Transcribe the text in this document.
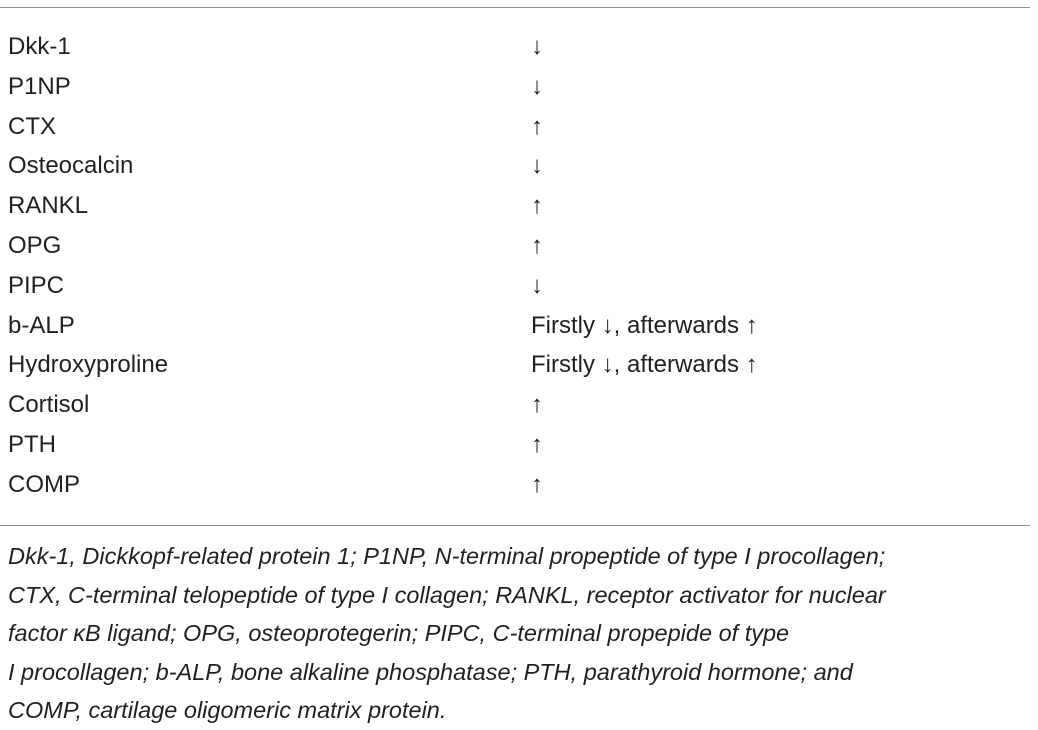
Dkk-1	↓
P1NP	↓
CTX	↑
Osteocalcin	↓
RANKL	↑
OPG	↑
PIPC	↓
b-ALP	Firstly ↓, afterwards ↑
Hydroxyproline	Firstly ↓, afterwards ↑
Cortisol	↑
PTH	↑
COMP	↑

Dkk-1, Dickkopf-related protein 1; P1NP, N-terminal propeptide of type I procollagen;
CTX, C-terminal telopeptide of type I collagen; RANKL, receptor activator for nuclear
factor κB ligand; OPG, osteoprotegerin; PIPC, C-terminal propepide of type
I procollagen; b-ALP, bone alkaline phosphatase; PTH, parathyroid hormone; and
COMP, cartilage oligomeric matrix protein.
